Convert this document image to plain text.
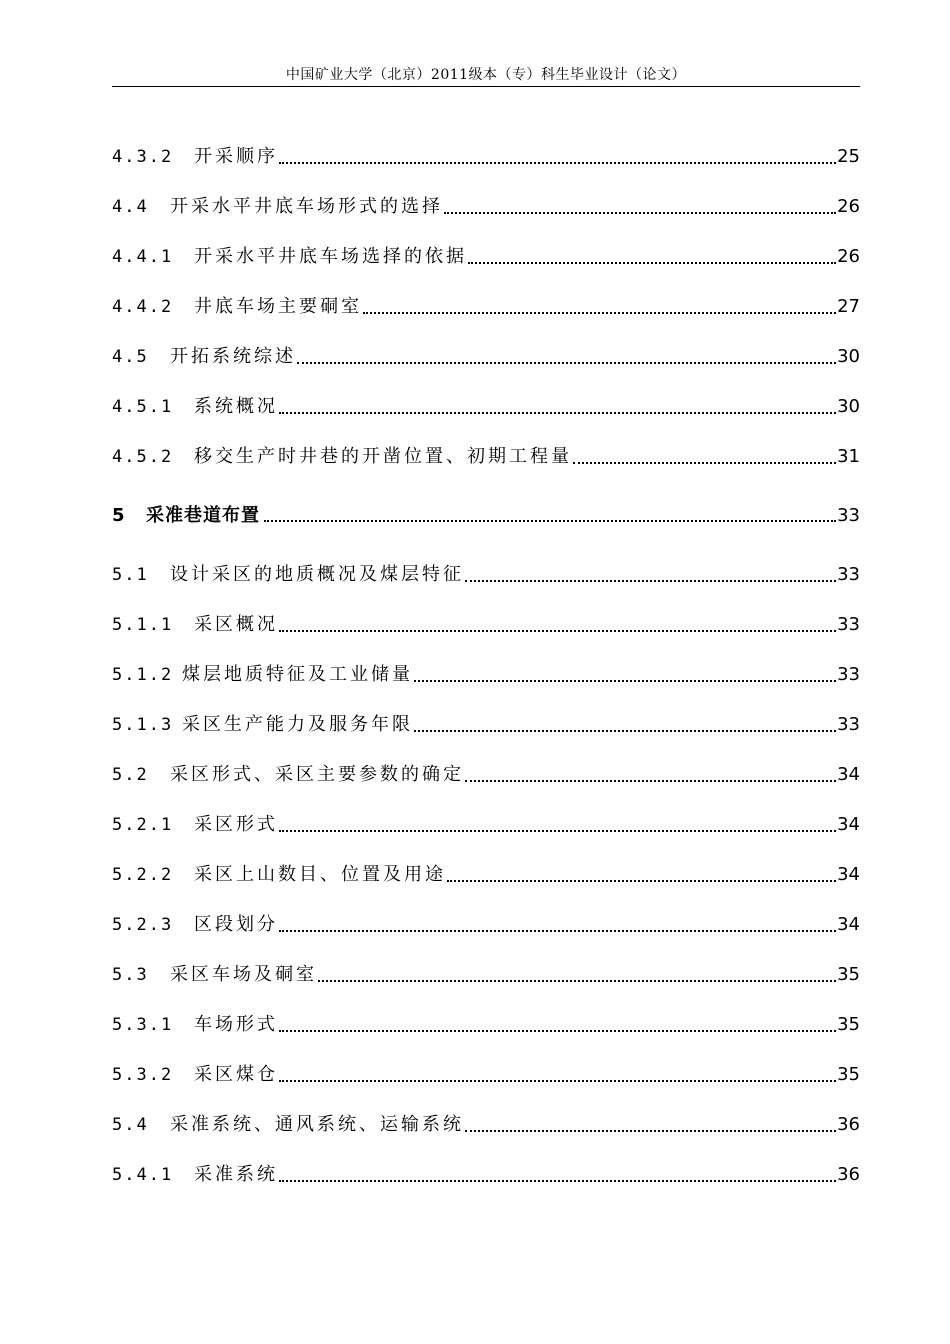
中国矿业大学（北京）2011级本（专）科生毕业设计（论文）
4.3.2	开采顺序	25
4.4	开采水平井底车场形式的选择	26
4.4.1	开采水平井底车场选择的依据	26
4.4.2	井底车场主要硐室	27
4.5	开拓系统综述	30
4.5.1	系统概况	30
4.5.2	移交生产时井巷的开凿位置、初期工程量	31
5	采准巷道布置	33
5.1	设计采区的地质概况及煤层特征	33
5.1.1	采区概况	33
5.1.2 煤层地质特征及工业储量	33
5.1.3 采区生产能力及服务年限	33
5.2	采区形式、采区主要参数的确定	34
5.2.1	采区形式	34
5.2.2	采区上山数目、位置及用途	34
5.2.3	区段划分	34
5.3	采区车场及硐室	35
5.3.1	车场形式	35
5.3.2	采区煤仓	35
5.4	采准系统、通风系统、运输系统	36
5.4.1	采准系统	36
